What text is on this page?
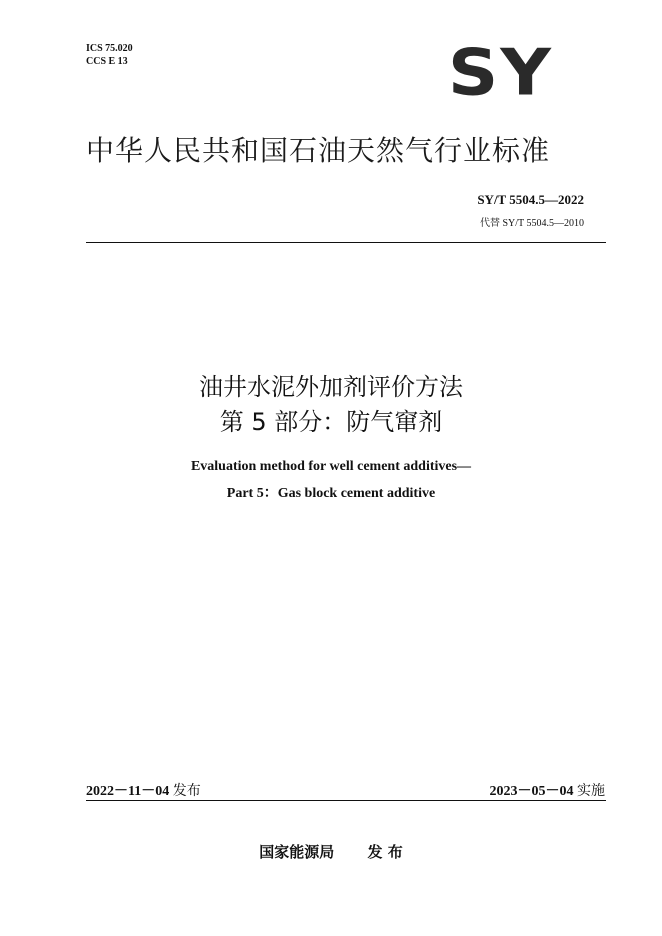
ICS 75.020
CCS E 13	SY
中华人民共和国石油天然气行业标准
SY/T 5504.5—2022
代替 SY/T 5504.5—2010
油井水泥外加剂评价方法
第 5 部分：防气窜剂
Evaluation method for well cement additives—
Part 5：Gas block cement additive
2022－11－04 发布	2023－05－04 实施
国家能源局 发 布
